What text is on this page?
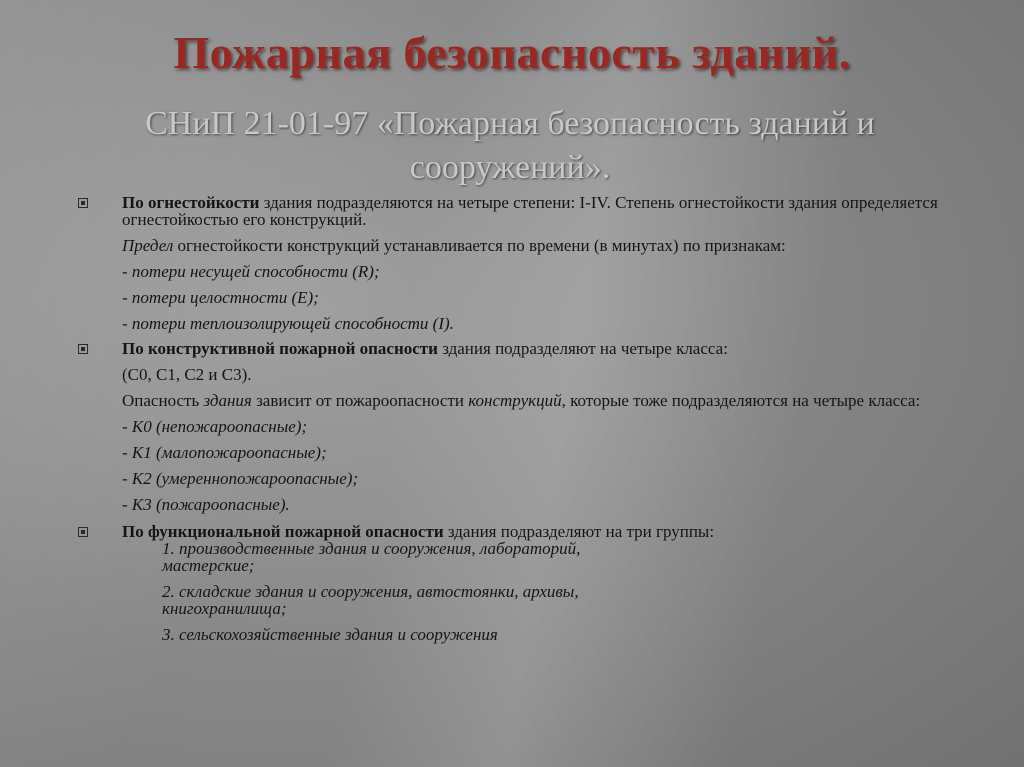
Пожарная безопасность зданий.
СНиП 21-01-97 «Пожарная безопасность зданий и сооружений».
По огнестойкости здания подразделяются на четыре степени: I-IV. Степень огнестойкости здания определяется огнестойкостью его конструкций.
Предел огнестойкости конструкций устанавливается по времени (в минутах) по признакам:
- потери несущей способности (R);
- потери целостности (E);
- потери теплоизолирующей способности (I).
По конструктивной пожарной опасности здания подразделяют на четыре класса:
(С0, С1, С2 и С3).
Опасность здания зависит от пожароопасности конструкций, которые тоже подразделяются на четыре класса:
- К0 (непожароопасные);
- К1 (малопожароопасные);
- К2 (умереннопожароопасные);
- К3 (пожароопасные).
По функциональной пожарной опасности здания подразделяют на три группы:
1. производственные здания и сооружения, лабораторий, мастерские;
2. складские здания и сооружения, автостоянки, архивы, книгохранилища;
3. сельскохозяйственные здания и сооружения
